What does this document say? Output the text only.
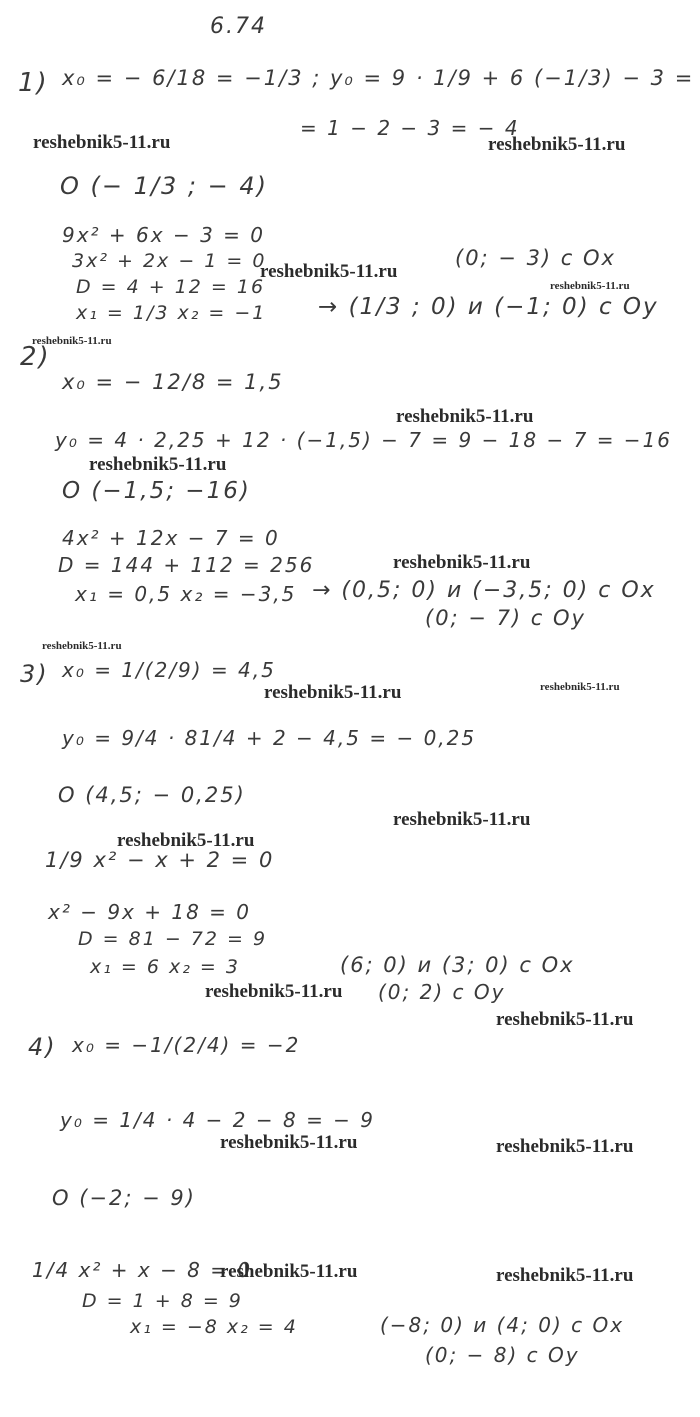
6.74
1) x₀ = − 6/18 = −1/3 ; y₀ = 9 · 1/9 + 6 (−1/3) − 3 =
= 1 − 2 − 3 = − 4
reshebnik5-11.ru	reshebnik5-11.ru
O (− 1/3 ; − 4)
9x² + 6x − 3 = 0
3x² + 2x − 1 = 0
reshebnik5-11.ru
(0; − 3) c Ox
D = 4 + 12 = 16	reshebnik5-11.ru
x₁ = 1/3 x₂ = −1 → (1/3 ; 0) и (−1; 0) c Oy
reshebnik5-11.ru
2)
x₀ = − 12/8 = 1,5
reshebnik5-11.ru
y₀ = 4 · 2,25 + 12 · (−1,5) − 7 = 9 − 18 − 7 = −16
reshebnik5-11.ru
O (−1,5; −16)
4x² + 12x − 7 = 0
D = 144 + 112 = 256	reshebnik5-11.ru
x₁ = 0,5 x₂ = −3,5 → (0,5; 0) и (−3,5; 0) c Ox
(0; − 7) c Oy
reshebnik5-11.ru
3) x₀ = 1/(2/9) = 4,5
reshebnik5-11.ru	reshebnik5-11.ru
y₀ = 9/4 · 81/4 + 2 − 4,5 = − 0,25
O (4,5; − 0,25)
reshebnik5-11.ru
reshebnik5-11.ru
1/9 x² − x + 2 = 0
x² − 9x + 18 = 0
D = 81 − 72 = 9
x₁ = 6 x₂ = 3	(6; 0) и (3; 0) c Ox
reshebnik5-11.ru (0; 2) c Oy
reshebnik5-11.ru
4) x₀ = −1/(2/4) = −2
y₀ = 1/4 · 4 − 2 − 8 = − 9
reshebnik5-11.ru	reshebnik5-11.ru
O (−2; − 9)
1/4 x² + x − 8 = 0
reshebnik5-11.ru	reshebnik5-11.ru
D = 1 + 8 = 9
x₁ = −8 x₂ = 4	(−8; 0) и (4; 0) c Ox
(0; − 8) c Oy
